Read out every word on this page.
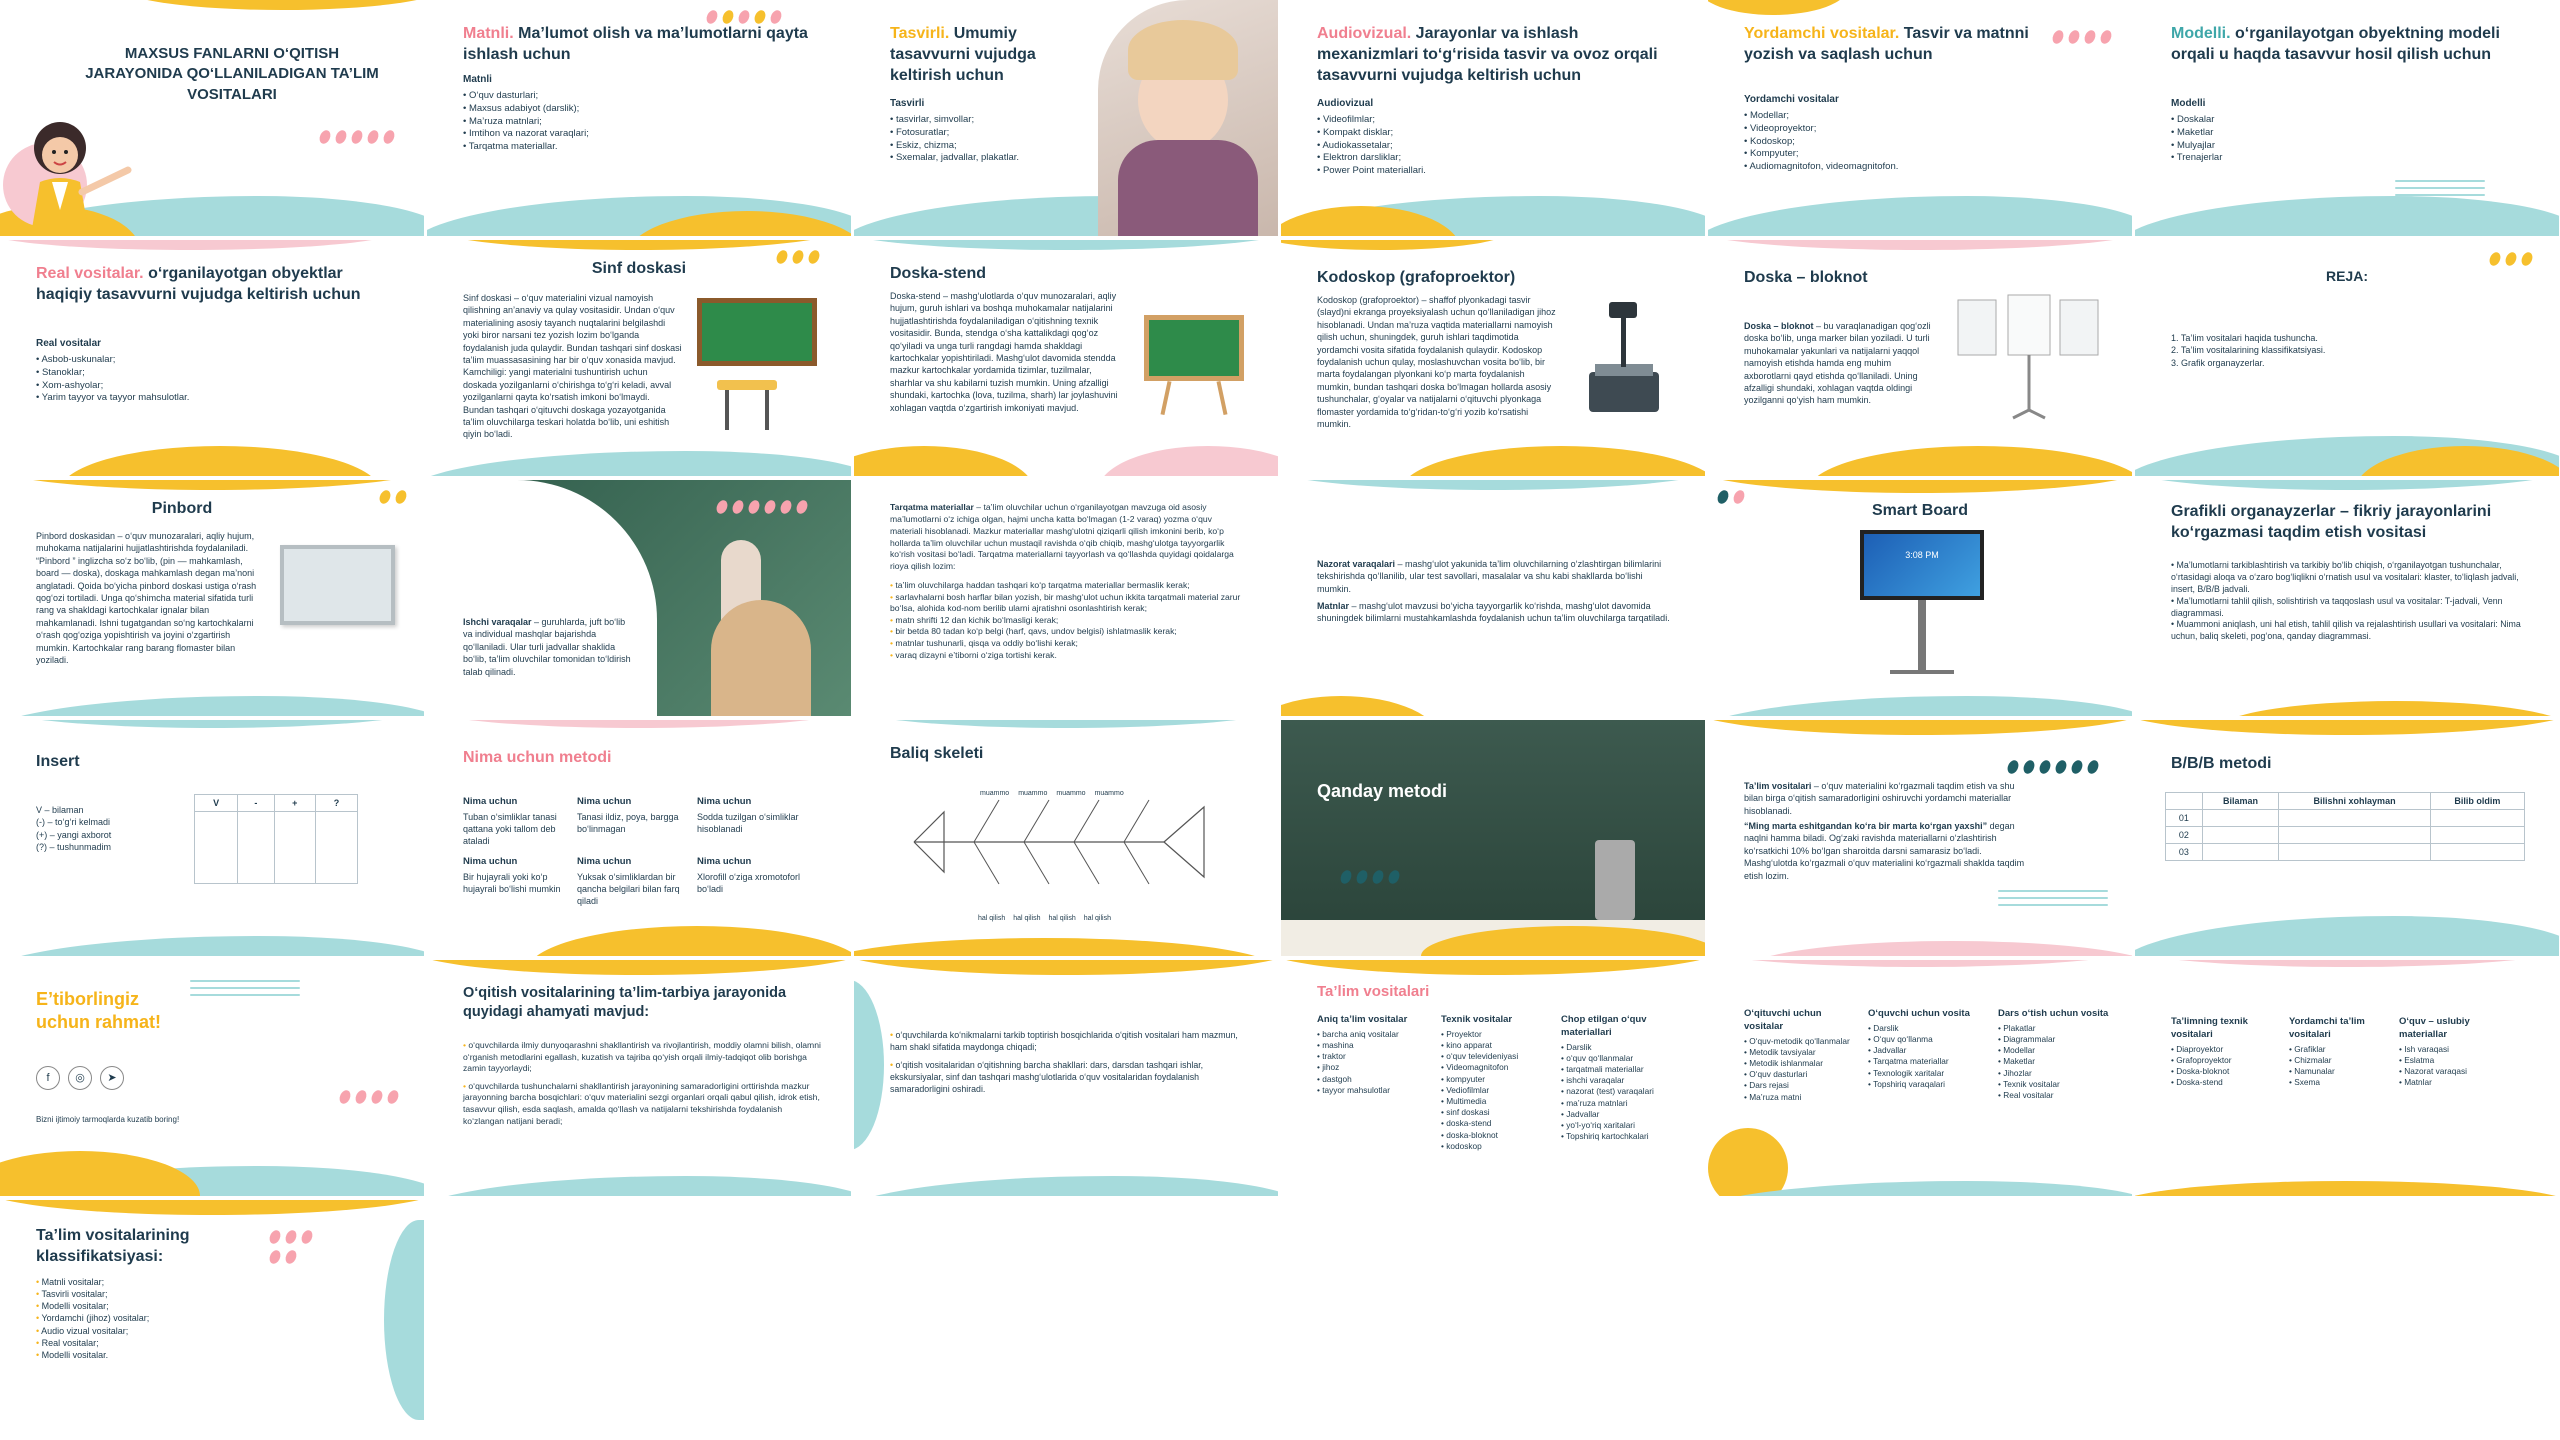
MAXSUS FANLARNI O‘QITISH JARAYONIDA QO‘LLANILADIGAN TA’LIM VOSITALARI
Matnli. Ma’lumot olish va ma’lumotlarni qayta ishlash uchun
Matnli
• O‘quv dasturlari;
• Maxsus adabiyot (darslik);
• Ma’ruza matnlari;
• Imtihon va nazorat varaqlari;
• Tarqatma materiallar.
Tasvirli. Umumiy tasavvurni vujudga keltirish uchun
Tasvirli
• tasvirlar, simvollar;
• Fotosuratlar;
• Eskiz, chizma;
• Sxemalar, jadvallar, plakatlar.
Audiovizual. Jarayonlar va ishlash mexanizmlari to‘g‘risida tasvir va ovoz orqali tasavvurni vujudga keltirish uchun
Audiovizual
• Videofilmlar;
• Kompakt disklar;
• Audiokassetalar;
• Elektron darsliklar;
• Power Point materiallari.
Yordamchi vositalar. Tasvir va matnni yozish va saqlash uchun
Yordamchi vositalar
• Modellar;
• Videoproyektor;
• Kodoskop;
• Kompyuter;
• Audiomagnitofon, videomagnitofon.
Modelli. o‘rganilayotgan obyektning modeli orqali u haqda tasavvur hosil qilish uchun
Modelli
• Doskalar
• Maketlar
• Mulyajlar
• Trenajerlar
Real vositalar. o‘rganilayotgan obyektlar haqiqiy tasavvurni vujudga keltirish uchun
Real vositalar
• Asbob-uskunalar;
• Stanoklar;
• Xom-ashyolar;
• Yarim tayyor va tayyor mahsulotlar.
Sinf doskasi
Sinf doskasi – o‘quv materialini vizual namoyish qilishning an’anaviy va qulay vositasidir. Undan o‘quv materialining asosiy tayanch nuqtalarini belgilashdi yoki biror narsani tez yozish lozim bo‘lganda foydalanish juda qulaydir. Bundan tashqari sinf doskasi ta’lim muassasasining har bir o‘quv xonasida mavjud. Kamchiligi: yangi materialni tushuntirish uchun doskada yozilganlarni o‘chirishga to‘g‘ri keladi, avval yozilganlarni qayta ko‘rsatish imkoni bo‘lmaydi. Bundan tashqari o‘qituvchi doskaga yozayotganida ta’lim oluvchilarga teskari holatda bo‘lib, uni eshitish qiyin bo‘ladi.
Doska-stend
Doska-stend – mashg‘ulotlarda o‘quv munozaralari, aqliy hujum, guruh ishlari va boshqa muhokamalar natijalarini hujjatlashtirishda foydalaniladigan o‘qitishning texnik vositasidir. Bunda, stendga o‘sha kattalikdagi qog‘oz qo‘yiladi va unga turli rangdagi hamda shakldagi kartochkalar yopishtiriladi. Mashg‘ulot davomida stendda mazkur kartochkalar yordamida tizimlar, tuzilmalar, sharhlar va shu kabilarni tuzish mumkin. Uning afzalligi shundaki, kartochka (lova, tuzilma, sharh) lar joylashuvini xohlagan vaqtda o‘zgartirish imkoniyati mavjud.
Kodoskop (grafoproektor)
Kodoskop (grafoproektor) – shaffof plyonkadagi tasvir (slayd)ni ekranga proyeksiyalash uchun qo‘llaniladigan jihoz hisoblanadi. Undan ma’ruza vaqtida materiallarni namoyish qilish uchun, shuningdek, guruh ishlari taqdimotida yordamchi vosita sifatida foydalanish qulaydir. Kodoskop foydalanish uchun qulay, moslashuvchan vosita bo‘lib, bir marta foydalangan plyonkani ko‘p marta foydalanish mumkin, bundan tashqari doska bo‘lmagan hollarda asosiy tushunchalar, g‘oyalar va natijalarni o‘qituvchi plyonkaga flomaster yordamida to‘g‘ridan-to‘g‘ri yozib ko‘rsatishi mumkin.
Doska – bloknot
Doska – bloknot – bu varaqlanadigan qog‘ozli doska bo‘lib, unga marker bilan yoziladi. U turli muhokamalar yakunlari va natijalarni yaqqol namoyish etishda hamda eng muhim axborotlarni qayd etishda qo‘llaniladi. Uning afzalligi shundaki, xohlagan vaqtda oldingi yozilganni qo‘yish ham mumkin.
REJA:
1. Ta’lim vositalari haqida tushuncha.
2. Ta’lim vositalarining klassifikatsiyasi.
3. Grafik organayzerlar.
Pinbord
Pinbord doskasidan – o‘quv munozaralari, aqliy hujum, muhokama natijalarini hujjatlashtirishda foydalaniladi. “Pinbord ” inglizcha so‘z bo‘lib, (pin — mahkamlash, board — doska), doskaga mahkamlash degan ma’noni anglatadi. Qoida bo‘yicha pinbord doskasi ustiga o‘rash qog‘ozi tortiladi. Unga qo‘shimcha material sifatida turli rang va shakldagi kartochkalar ignalar bilan mahkamlanadi. Ishni tugatgandan so‘ng kartochkalarni o‘rash qog‘oziga yopishtirish va joyini o‘zgartirish mumkin. Kartochkalar rang barang flomaster bilan yoziladi.
Ishchi varaqalar – guruhlarda, juft bo‘lib va individual mashqlar bajarishda qo‘llaniladi. Ular turli jadvallar shaklida bo‘lib, ta’lim oluvchilar tomonidan to‘ldirish talab qilinadi.
Tarqatma materiallar – ta’lim oluvchilar uchun o‘rganilayotgan mavzuga oid asosiy ma’lumotlarni o‘z ichiga olgan, hajmi uncha katta bo‘lmagan (1-2 varaq) yozma o‘quv materiali hisoblanadi. Mazkur materiallar mashg‘ulotni qiziqarli qilish imkonini berib, ko‘p hollarda ta’lim oluvchilar uchun mustaqil ravishda o‘qib chiqib, mashg‘ulotga tayyorgarlik ko‘rish vositasi bo‘ladi. Tarqatma materiallarni tayyorlash va qo‘llashda quyidagi qoidalarga rioya qilish lozim:
• ta’lim oluvchilarga haddan tashqari ko‘p tarqatma materiallar bermaslik kerak;
• sarlavhalarni bosh harflar bilan yozish, bir mashg‘ulot uchun ikkita tarqatmali material zarur bo‘lsa, alohida kod-nom berilib ularni ajratishni osonlashtirish kerak;
• matn shrifti 12 dan kichik bo‘lmasligi kerak;
• bir betda 80 tadan ko‘p belgi (harf, qavs, undov belgisi) ishlatmaslik kerak;
• matnlar tushunarli, qisqa va oddiy bo‘lishi kerak;
• varaq dizayni e’tiborni o‘ziga tortishi kerak.
Nazorat varaqalari – mashg‘ulot yakunida ta’lim oluvchilarning o‘zlashtirgan bilimlarini tekshirishda qo‘llanilib, ular test savollari, masalalar va shu kabi shakllarda bo‘lishi mumkin.
Matnlar – mashg‘ulot mavzusi bo‘yicha tayyorgarlik ko‘rishda, mashg‘ulot davomida shuningdek bilimlarni mustahkamlashda foydalanish uchun ta’lim oluvchilarga tarqatiladi.
Smart Board
3:08 PM
Grafikli organayzerlar – fikriy jarayonlarini ko‘rgazmasi taqdim etish vositasi
• Ma’lumotlarni tarkiblashtirish va tarkibiy bo‘lib chiqish, o‘rganilayotgan tushunchalar, o‘rtasidagi aloqa va o‘zaro bog‘liqlikni o‘rnatish usul va vositalari: klaster, to‘liqlash jadvali, insert, B/B/B jadvali.
• Ma’lumotlarni tahlil qilish, solishtirish va taqqoslash usul va vositalar: T-jadvali, Venn diagrammasi.
• Muammoni aniqlash, uni hal etish, tahlil qilish va rejalashtirish usullari va vositalari: Nima uchun, baliq skeleti, pog‘ona, qanday diagrammasi.
Insert
V – bilaman
(-) – to‘g‘ri kelmadi
(+) – yangi axborot
(?) – tushunmadim
V	-	+	?

Nima uchun metodi
Nima uchun
Tuban o‘simliklar tanasi qattana yoki tallom deb ataladi
Nima uchun
Tanasi ildiz, poya, bargga bo‘linmagan
Nima uchun
Sodda tuzilgan o‘simliklar hisoblanadi
Nima uchun
Bir hujayrali yoki ko‘p hujayrali bo‘lishi mumkin
Nima uchun
Yuksak o‘simliklardan bir qancha belgilari bilan farq qiladi
Nima uchun
Xlorofill o‘ziga xromotoforl bo‘ladi
Baliq skeleti
muammo muammo muammo muammo
hal qilish hal qilish hal qilish hal qilish
Qanday metodi	Ta’lim vositalari – o‘quv materialini ko‘rgazmali taqdim etish va shu bilan birga o‘qitish samaradorligini oshiruvchi yordamchi materiallar hisoblanadi.
“Ming marta eshitgandan ko‘ra bir marta ko‘rgan yaxshi” degan naqlni hamma biladi. Og‘zaki ravishda materiallarni o‘zlashtirish ko‘rsatkichi 10% bo‘lgan sharoitda darsni samarasiz bo‘ladi. Mashg‘ulotda ko‘rgazmali o‘quv materialini ko‘rgazmali shaklda taqdim etish lozim.
B/B/B metodi
	Bilaman	Bilishni xohlayman	Bilib oldim
01			
02			
03			
E’tiborlingiz
uchun rahmat!
f	◎	➤
Bizni ijtimoiy tarmoqlarda kuzatib boring!
O‘qitish vositalarining ta’lim-tarbiya jarayonida quyidagi ahamyati mavjud:
• o‘quvchilarda ilmiy dunyoqarashni shakllantirish va rivojlantirish, moddiy olamni bilish, olamni o‘rganish metodlarini egallash, kuzatish va tajriba qo‘yish orqali ilmiy-tadqiqot olib borishga zamin tayyorlaydi;
• o‘quvchilarda tushunchalarni shakllantirish jarayonining samaradorligini orttirishda mazkur jarayonning barcha bosqichlari: o‘quv materialini sezgi organlari orqali qabul qilish, idrok etish, tasavvur qilish, esda saqlash, amalda qo‘llash va natijalarni tekshirishda foydalanish ko‘zlangan natijani beradi;
• o‘quvchilarda ko‘nikmalarni tarkib toptirish bosqichlarida o‘qitish vositalari ham mazmun, ham shakl sifatida maydonga chiqadi;
• o‘qitish vositalaridan o‘qitishning barcha shakllari: dars, darsdan tashqari ishlar, ekskursiyalar, sinf dan tashqari mashg‘ulotlarida o‘quv vositalaridan foydalanish samaradorligini oshiradi.
Ta’lim vositalari
Aniq ta’lim vositalar
• barcha aniq vositalar
• mashina
• traktor
• jihoz
• dastgoh
• tayyor mahsulotlar
Texnik vositalar
• Proyektor
• kino apparat
• o‘quv televideniyasi
• Videomagnitofon
• kompyuter
• Vediofilmlar
• Multimedia
• sinf doskasi
• doska-stend
• doska-bloknot
• kodoskop
Chop etilgan o‘quv materiallari
• Darslik
• o‘quv qo‘llanmalar
• tarqatmali materiallar
• ishchi varaqalar
• nazorat (test) varaqalari
• ma’ruza matnlari
• Jadvallar
• yo‘l-yo‘riq xaritalari
• Topshiriq kartochkalari
O‘qituvchi uchun vositalar
• O‘quv-metodik qo‘llanmalar
• Metodik tavsiyalar
• Metodik ishlanmalar
• O‘quv dasturlari
• Dars rejasi
• Ma’ruza matni
O‘quvchi uchun vosita
• Darslik
• O‘quv qo‘llanma
• Jadvallar
• Tarqatma materiallar
• Texnologik xaritalar
• Topshiriq varaqalari
Dars o‘tish uchun vosita
• Plakatlar
• Diagrammalar
• Modellar
• Maketlar
• Jihozlar
• Texnik vositalar
• Real vositalar
Ta’limning texnik vositalari
• Diaproyektor
• Grafoproyektor
• Doska-bloknot
• Doska-stend
Yordamchi ta’lim vositalari
• Grafiklar
• Chizmalar
• Namunalar
• Sxema
O‘quv – uslubiy materiallar
• Ish varaqasi
• Eslatma
• Nazorat varaqasi
• Matnlar
Ta’lim vositalarining klassifikatsiyasi:
• Matnli vositalar;
• Tasvirli vositalar;
• Modelli vositalar;
• Yordamchi (jihoz) vositalar;
• Audio vizual vositalar;
• Real vositalar;
• Modelli vositalar.
